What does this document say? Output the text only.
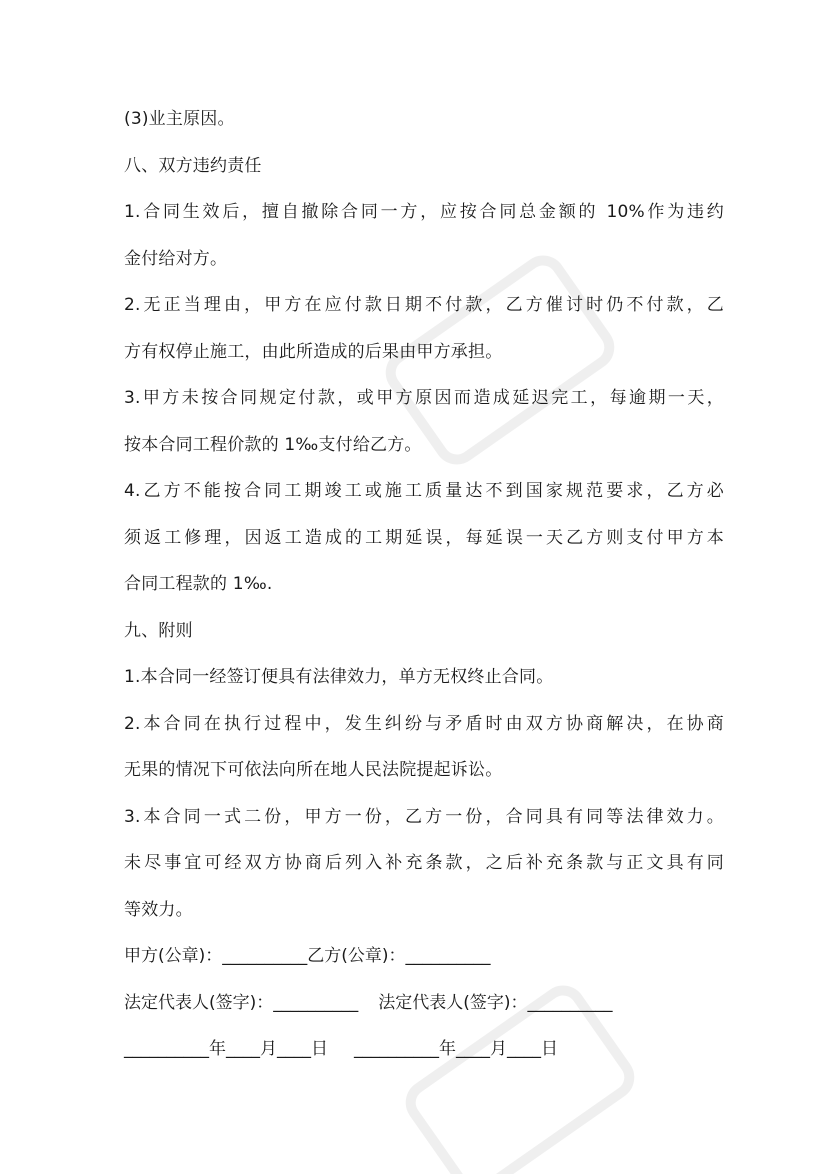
(3)业主原因。
八、双方违约责任
1.合同生效后，擅自撤除合同一方，应按合同总金额的 10%作为违约
金付给对方。
2.无正当理由，甲方在应付款日期不付款，乙方催讨时仍不付款，乙
方有权停止施工，由此所造成的后果由甲方承担。
3.甲方未按合同规定付款，或甲方原因而造成延迟完工，每逾期一天，
按本合同工程价款的 1‰支付给乙方。
4.乙方不能按合同工期竣工或施工质量达不到国家规范要求，乙方必
须返工修理，因返工造成的工期延误，每延误一天乙方则支付甲方本
合同工程款的 1‰.
九、附则
1.本合同一经签订便具有法律效力，单方无权终止合同。
2.本合同在执行过程中，发生纠纷与矛盾时由双方协商解决，在协商
无果的情况下可依法向所在地人民法院提起诉讼。
3.本合同一式二份，甲方一份，乙方一份，合同具有同等法律效力。
未尽事宜可经双方协商后列入补充条款，之后补充条款与正文具有同
等效力。
甲方(公章)：__________乙方(公章)：__________
法定代表人(签字)：__________ 法定代表人(签字)：__________
__________年____月____日 __________年____月____日
